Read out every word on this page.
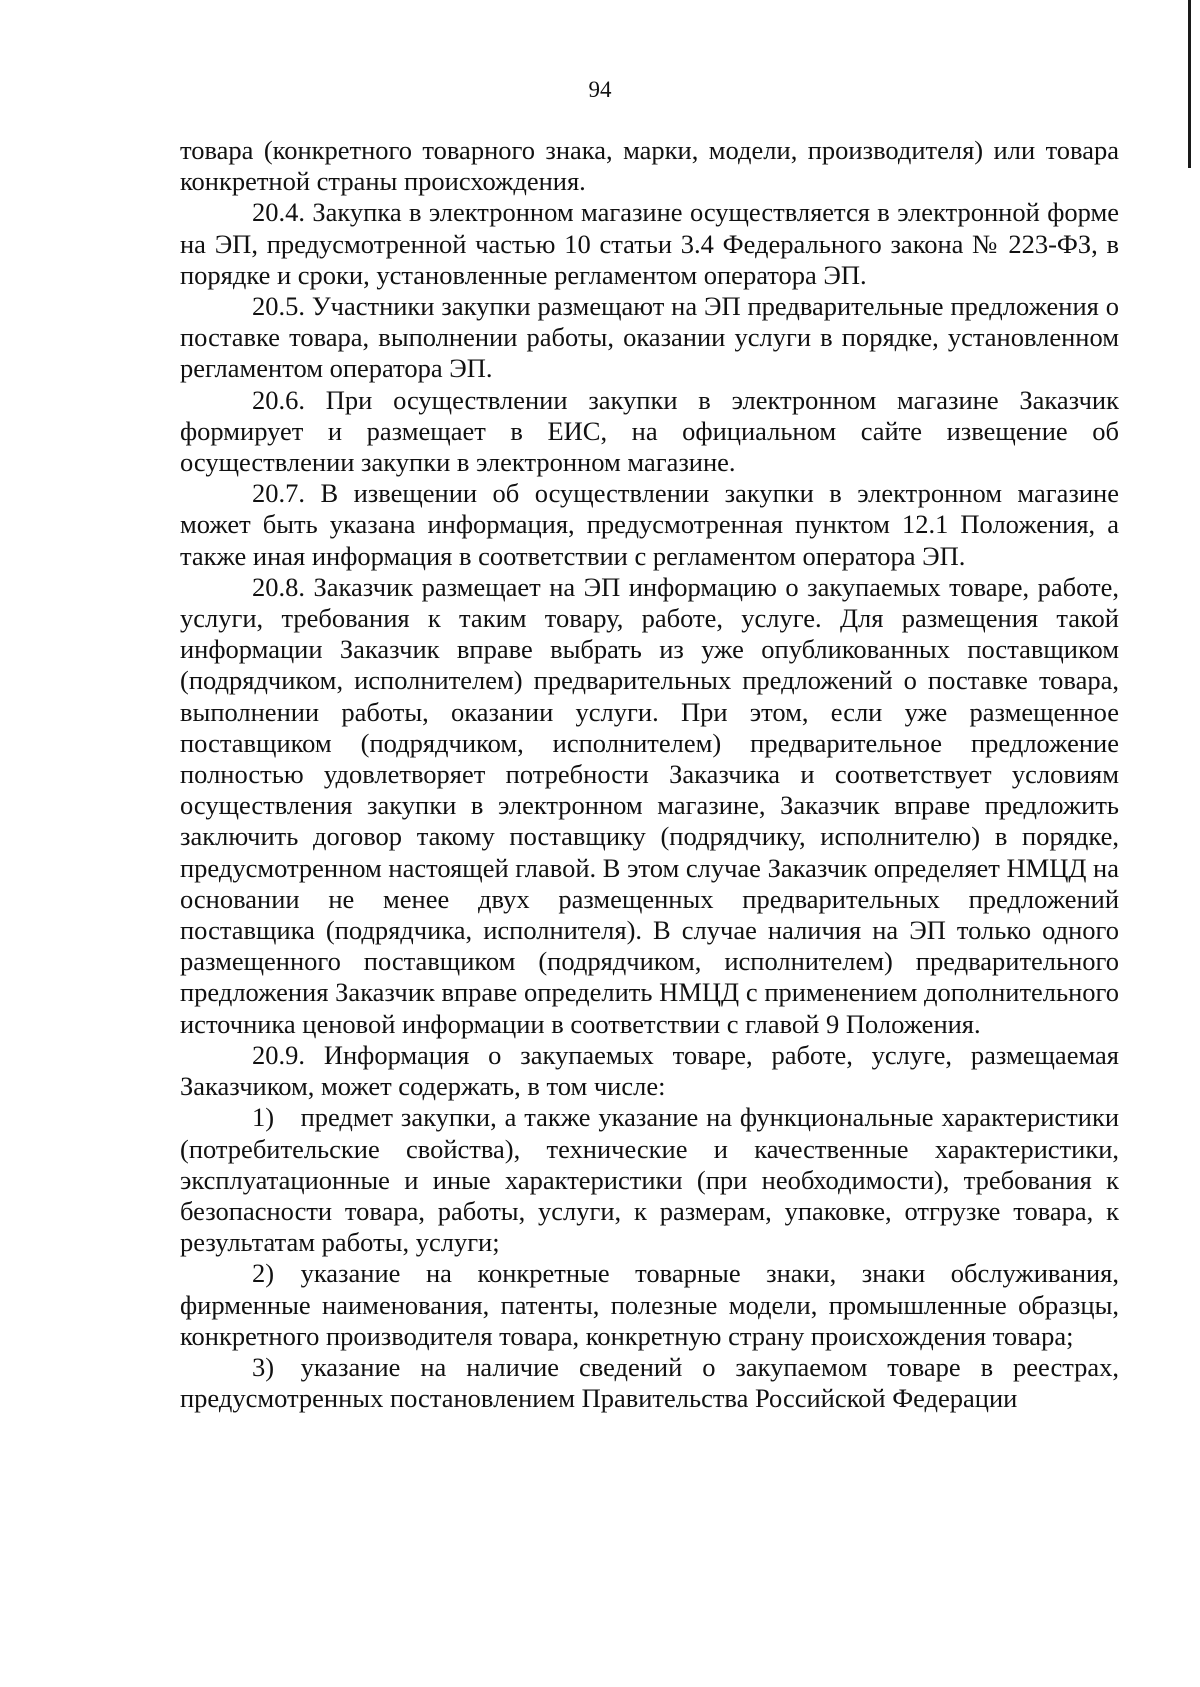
94

товара (конкретного товарного знака, марки, модели, производителя) или товара конкретной страны происхождения.

20.4. Закупка в электронном магазине осуществляется в электронной форме на ЭП, предусмотренной частью 10 статьи 3.4 Федерального закона № 223-ФЗ, в порядке и сроки, установленные регламентом оператора ЭП.

20.5. Участники закупки размещают на ЭП предварительные предложения о поставке товара, выполнении работы, оказании услуги в порядке, установленном регламентом оператора ЭП.

20.6. При осуществлении закупки в электронном магазине Заказчик формирует и размещает в ЕИС, на официальном сайте извещение об осуществлении закупки в электронном магазине.

20.7. В извещении об осуществлении закупки в электронном магазине может быть указана информация, предусмотренная пунктом 12.1 Положения, а также иная информация в соответствии с регламентом оператора ЭП.

20.8. Заказчик размещает на ЭП информацию о закупаемых товаре, работе, услуги, требования к таким товару, работе, услуге. Для размещения такой информации Заказчик вправе выбрать из уже опубликованных поставщиком (подрядчиком, исполнителем) предварительных предложений о поставке товара, выполнении работы, оказании услуги. При этом, если уже размещенное поставщиком (подрядчиком, исполнителем) предварительное предложение полностью удовлетворяет потребности Заказчика и соответствует условиям осуществления закупки в электронном магазине, Заказчик вправе предложить заключить договор такому поставщику (подрядчику, исполнителю) в порядке, предусмотренном настоящей главой. В этом случае Заказчик определяет НМЦД на основании не менее двух размещенных предварительных предложений поставщика (подрядчика, исполнителя). В случае наличия на ЭП только одного размещенного поставщиком (подрядчиком, исполнителем) предварительного предложения Заказчик вправе определить НМЦД с применением дополнительного источника ценовой информации в соответствии с главой 9 Положения.

20.9. Информация о закупаемых товаре, работе, услуге, размещаемая Заказчиком, может содержать, в том числе:

1) предмет закупки, а также указание на функциональные характеристики (потребительские свойства), технические и качественные характеристики, эксплуатационные и иные характеристики (при необходимости), требования к безопасности товара, работы, услуги, к размерам, упаковке, отгрузке товара, к результатам работы, услуги;

2) указание на конкретные товарные знаки, знаки обслуживания, фирменные наименования, патенты, полезные модели, промышленные образцы, конкретного производителя товара, конкретную страну происхождения товара;

3) указание на наличие сведений о закупаемом товаре в реестрах, предусмотренных постановлением Правительства Российской Федерации
